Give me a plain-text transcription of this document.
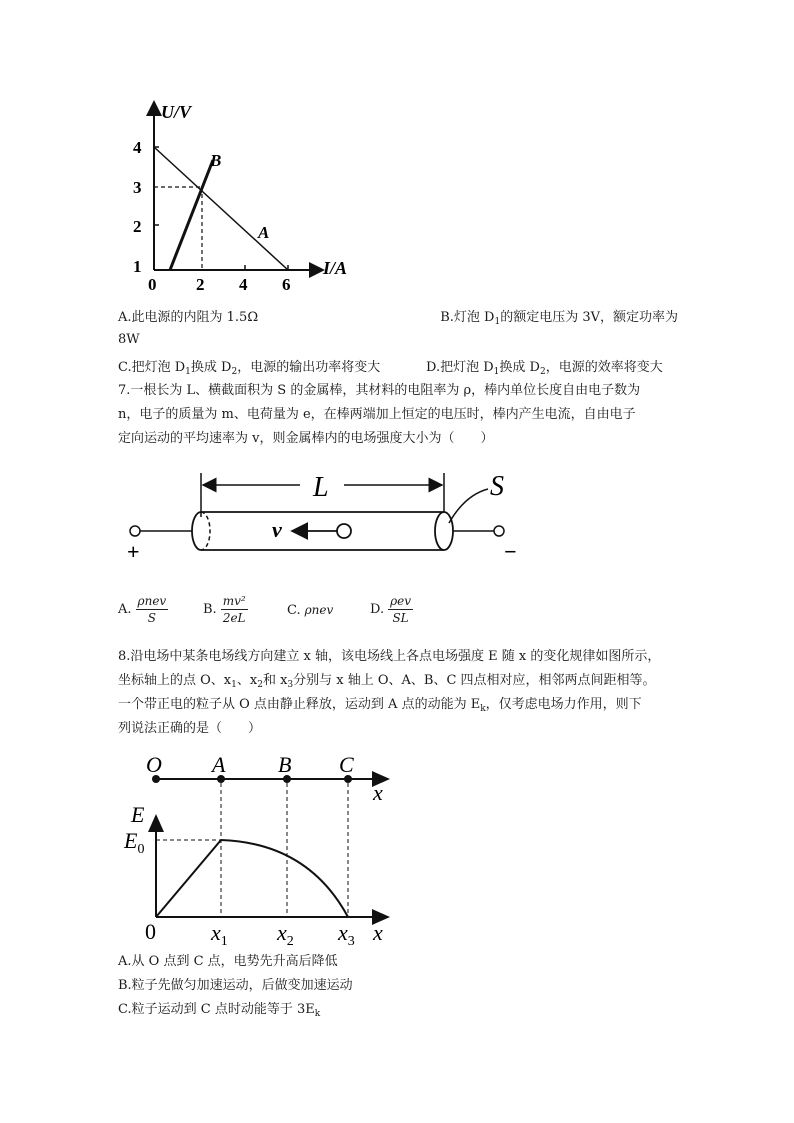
U/V
I/A
4
3
2
1
0 2 4 6
A
B
A.此电源的内阻为 1.5Ω	B.灯泡 $D_1$的额定电压为 3V，额定功率为
8W
C.把灯泡 $D_1$换成 $D_2$，电源的输出功率将变大	D.把灯泡 $D_1$换成 $D_2$，电源的效率将变大
7.一根长为 L、横截面积为 S 的金属棒，其材料的电阻率为 ρ，棒内单位长度自由电子数为
n，电子的质量为 m、电荷量为 e，在棒两端加上恒定的电压时，棒内产生电流，自由电子
定向运动的平均速率为 v，则金属棒内的电场强度大小为（　　）
L	S
v
+	−
A. $\frac{\text{ρnev}}{S}$	B. $\frac{\text{mv²}}{2eL}$	C. ρnev	D. $\frac{\text{ρev}}{SL}$
8.沿电场中某条电场线方向建立 x 轴，该电场线上各点电场强度 E 随 x 的变化规律如图所示，
坐标轴上的点 O、$x_1$、$x_2$和 $x_3$分别与 x 轴上 O、A、B、C 四点相对应，相邻两点间距相等。
一个带正电的粒子从 O 点由静止释放，运动到 A 点的动能为 $E_k$，仅考虑电场力作用，则下
列说法正确的是（　　）
O A B C
x
E
$E_0$
0	$x_1$ $x_2$ $x_3$ x
A.从 O 点到 C 点，电势先升高后降低
B.粒子先做匀加速运动，后做变加速运动
C.粒子运动到 C 点时动能等于 $3E_k$
